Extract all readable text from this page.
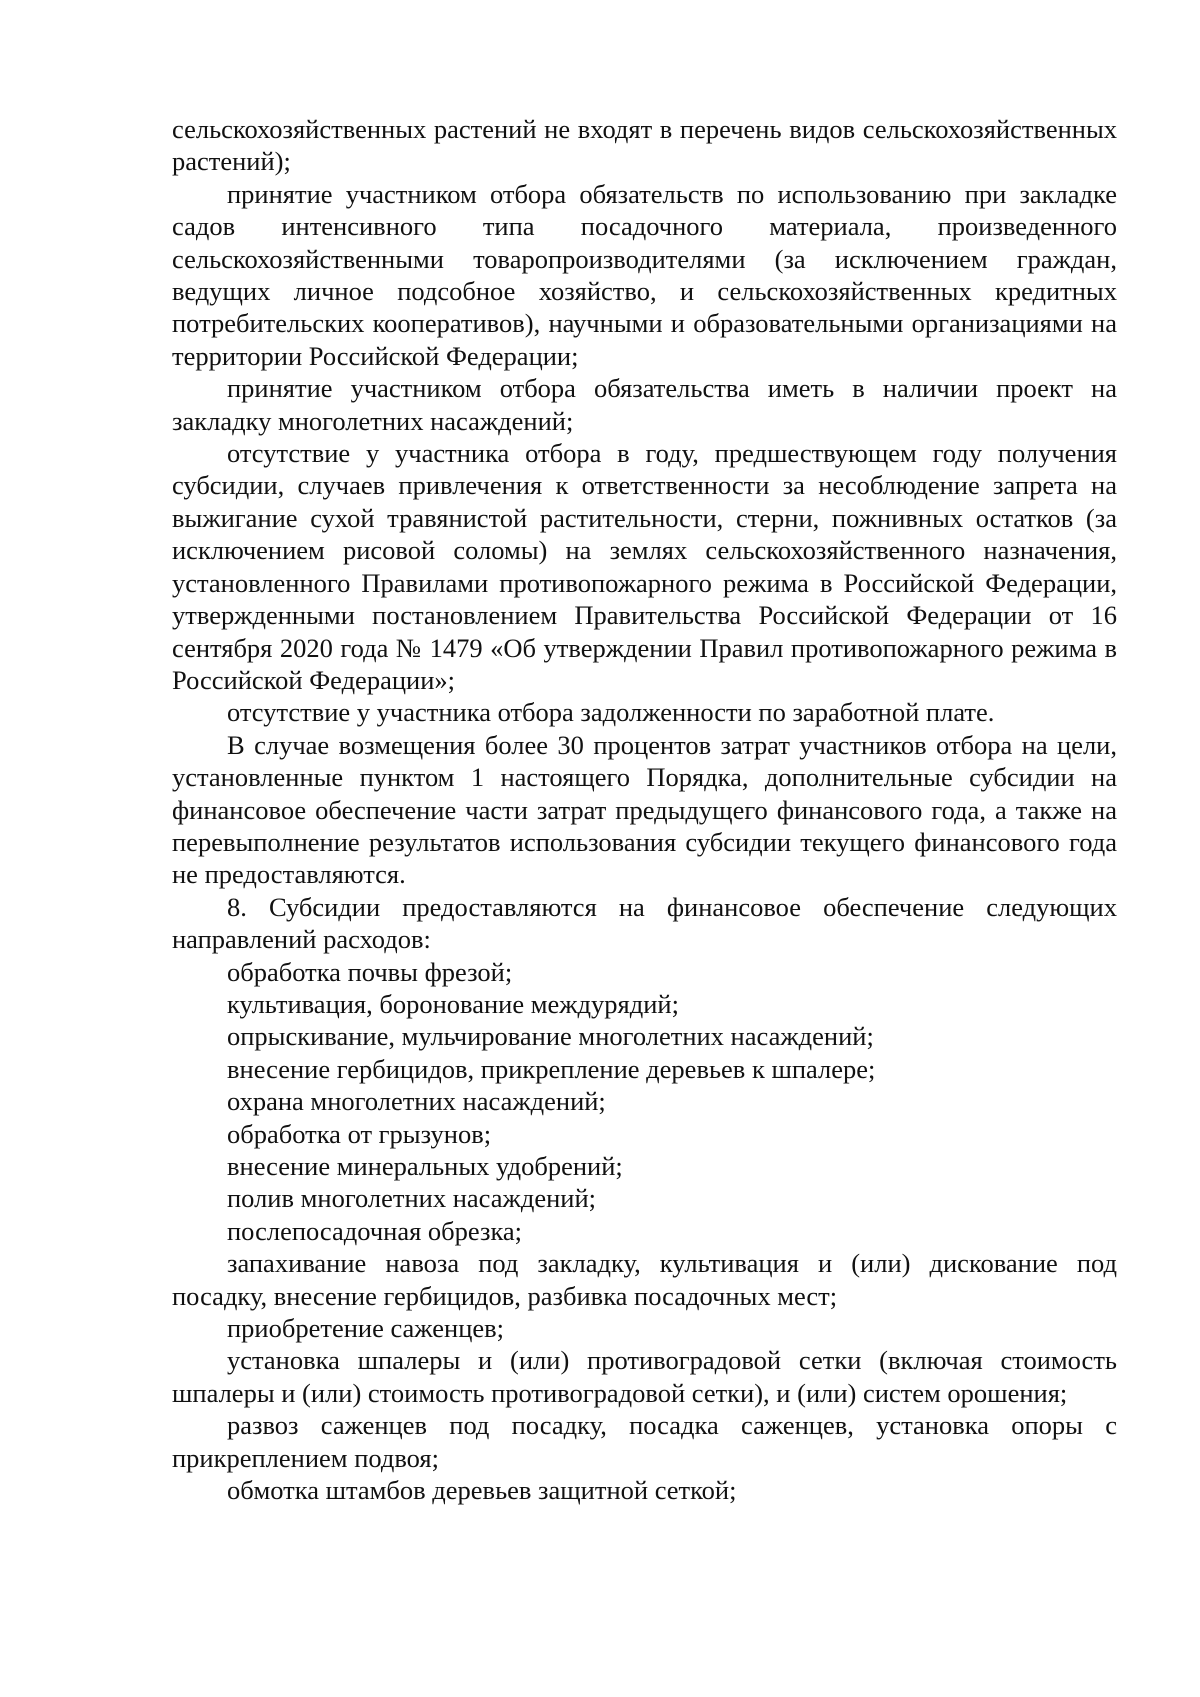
сельскохозяйственных растений не входят в перечень видов сельскохозяйственных растений);

принятие участником отбора обязательств по использованию при закладке садов интенсивного типа посадочного материала, произведенного сельскохозяйственными товаропроизводителями (за исключением граждан, ведущих личное подсобное хозяйство, и сельскохозяйственных кредитных потребительских кооперативов), научными и образовательными организациями на территории Российской Федерации;

принятие участником отбора обязательства иметь в наличии проект на закладку многолетних насаждений;

отсутствие у участника отбора в году, предшествующем году получения субсидии, случаев привлечения к ответственности за несоблюдение запрета на выжигание сухой травянистой растительности, стерни, пожнивных остатков (за исключением рисовой соломы) на землях сельскохозяйственного назначения, установленного Правилами противопожарного режима в Российской Федерации, утвержденными постановлением Правительства Российской Федерации от 16 сентября 2020 года № 1479 «Об утверждении Правил противопожарного режима в Российской Федерации»;

отсутствие у участника отбора задолженности по заработной плате.

В случае возмещения более 30 процентов затрат участников отбора на цели, установленные пунктом 1 настоящего Порядка, дополнительные субсидии на финансовое обеспечение части затрат предыдущего финансового года, а также на перевыполнение результатов использования субсидии текущего финансового года не предоставляются.

8. Субсидии предоставляются на финансовое обеспечение следующих направлений расходов:

обработка почвы фрезой;

культивация, боронование междурядий;

опрыскивание, мульчирование многолетних насаждений;

внесение гербицидов, прикрепление деревьев к шпалере;

охрана многолетних насаждений;

обработка от грызунов;

внесение минеральных удобрений;

полив многолетних насаждений;

послепосадочная обрезка;

запахивание навоза под закладку, культивация и (или) дискование под посадку, внесение гербицидов, разбивка посадочных мест;

приобретение саженцев;

установка шпалеры и (или) противоградовой сетки (включая стоимость шпалеры и (или) стоимость противоградовой сетки), и (или) систем орошения;

развоз саженцев под посадку, посадка саженцев, установка опоры с прикреплением подвоя;

обмотка штамбов деревьев защитной сеткой;
